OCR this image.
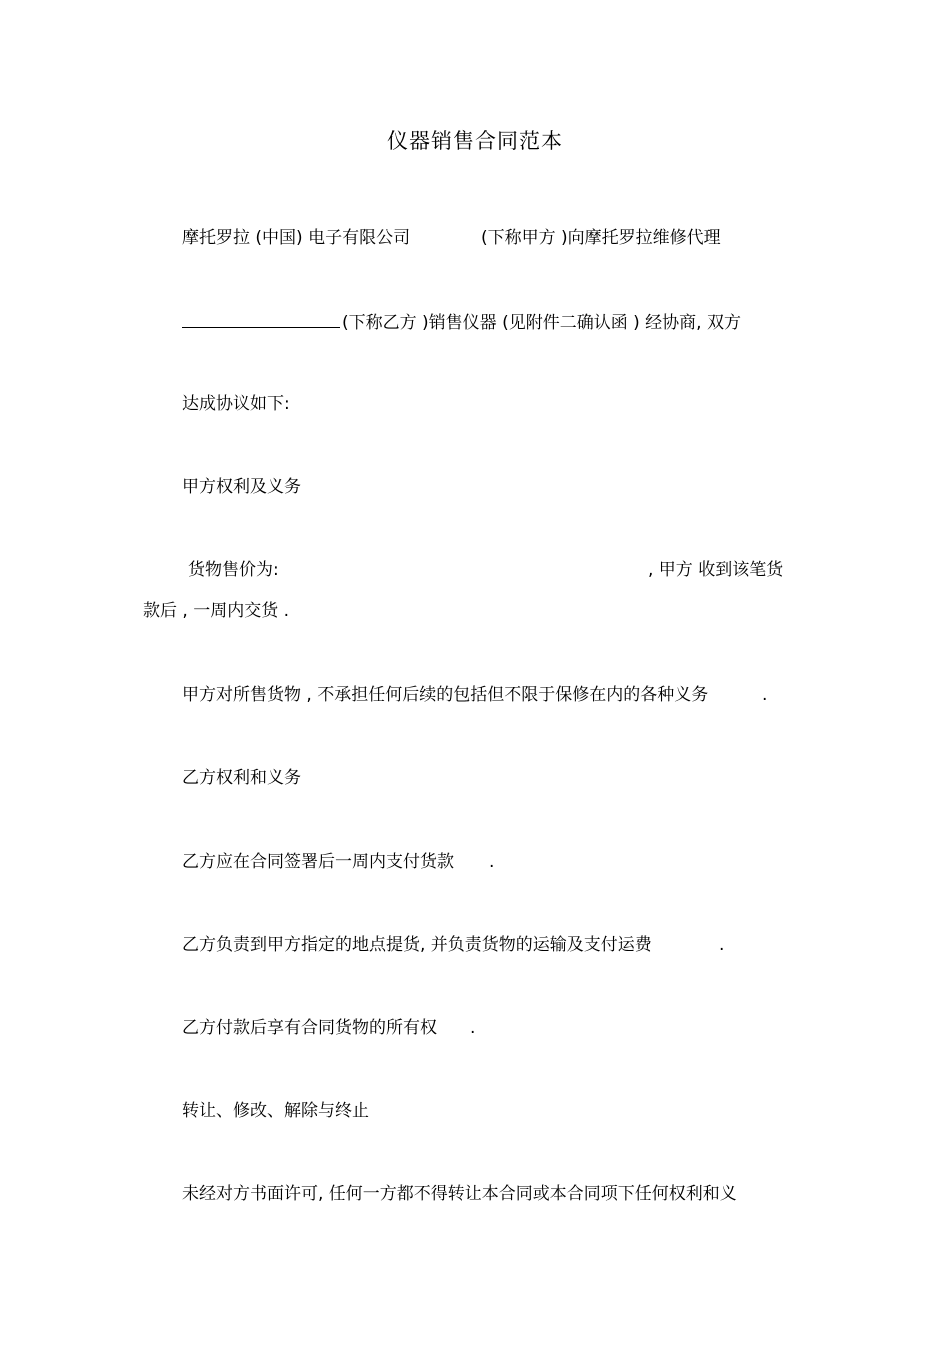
仪器销售合同范本
摩托罗拉 (中国) 电子有限公司	(下称甲方 )向摩托罗拉维修代理
(下称乙方 )销售仪器 (见附件二确认函 ) 经协商, 双方
达成协议如下:
甲方权利及义务
货物售价为:	, 甲方 收到该笔货
款后 , 一周内交货 .
甲方对所售货物 , 不承担任何后续的包括但不限于保修在内的各种义务	.
乙方权利和义务
乙方应在合同签署后一周内支付货款 .
乙方负责到甲方指定的地点提货, 并负责货物的运输及支付运费	.
乙方付款后享有合同货物的所有权 .
转让、修改、解除与终止
未经对方书面许可, 任何一方都不得转让本合同或本合同项下任何权利和义
